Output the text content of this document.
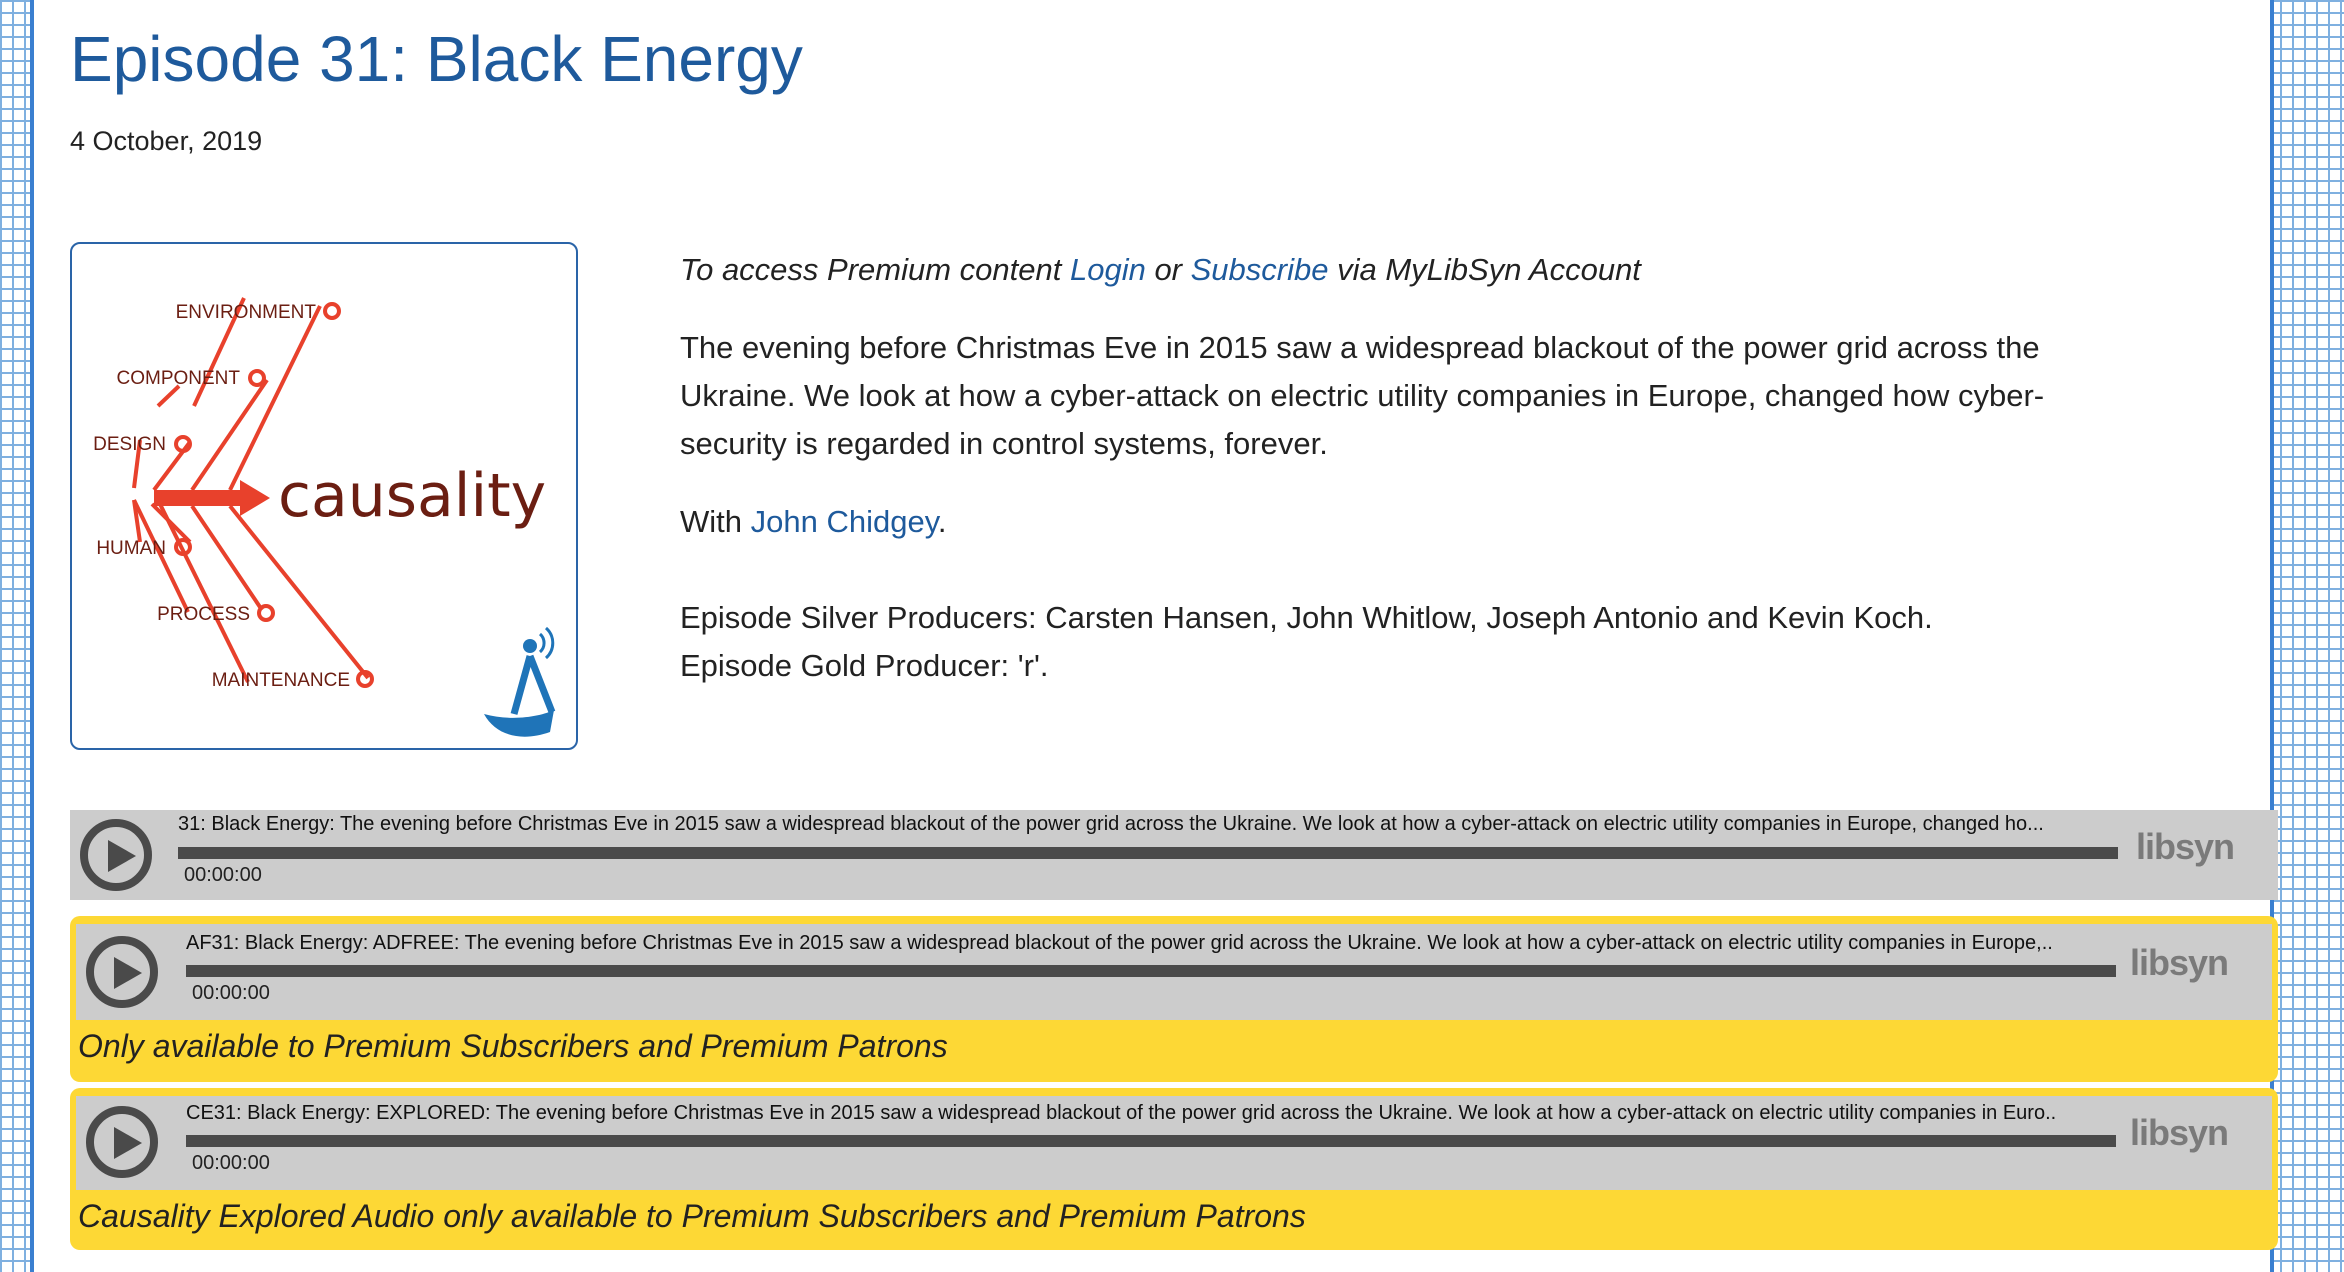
Episode 31: Black Energy
4 October, 2019
ENVIRONMENT
COMPONENT
DESIGN
HUMAN
PROCESS
MAINTENANCE
causality

To access Premium content Login or Subscribe via MyLibSyn Account

The evening before Christmas Eve in 2015 saw a widespread blackout of the power grid across the Ukraine. We look at how a cyber-attack on electric utility companies in Europe, changed how cyber-security is regarded in control systems, forever.

With John Chidgey.

Episode Silver Producers: Carsten Hansen, John Whitlow, Joseph Antonio and Kevin Koch.
Episode Gold Producer: 'r'.

31: Black Energy: The evening before Christmas Eve in 2015 saw a widespread blackout of the power grid across the Ukraine. We look at how a cyber-attack on electric utility companies in Europe, changed ho...
00:00:00
libsyn
AF31: Black Energy: ADFREE: The evening before Christmas Eve in 2015 saw a widespread blackout of the power grid across the Ukraine. We look at how a cyber-attack on electric utility companies in Europe,..
00:00:00
libsyn
Only available to Premium Subscribers and Premium Patrons
CE31: Black Energy: EXPLORED: The evening before Christmas Eve in 2015 saw a widespread blackout of the power grid across the Ukraine. We look at how a cyber-attack on electric utility companies in Euro..
00:00:00
libsyn
Causality Explored Audio only available to Premium Subscribers and Premium Patrons
